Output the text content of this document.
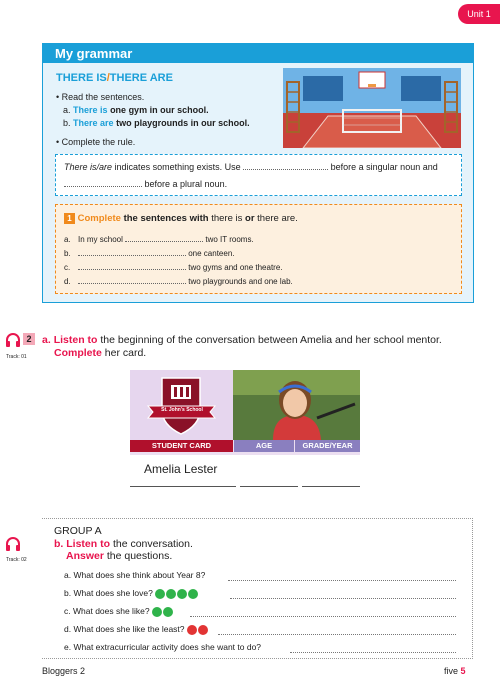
Unit 1
My grammar
THERE IS/THERE ARE
• Read the sentences.
a. There is one gym in our school.
b. There are two playgrounds in our school.
• Complete the rule.
There is/are indicates something exists. Use	before a singular noun and
before a plural noun.
1 Complete the sentences with there is or there are.
a. In my school	two IT rooms.
b.	one canteen.
c.	two gyms and one theatre.
d.	two playgrounds and one lab.
2
Track: 01
a. Listen to the beginning of the conversation between Amelia and her school mentor.
Complete her card.
St. John's School
STUDENT CARD	AGE	GRADE/YEAR
Amelia Lester
Track: 02
GROUP A
b. Listen to the conversation.
Answer the questions.
a. What does she think about Year 8?
b. What does she love?
c. What does she like?
d. What does she like the least?
e. What extracurricular activity does she want to do?
Bloggers 2	five 5
